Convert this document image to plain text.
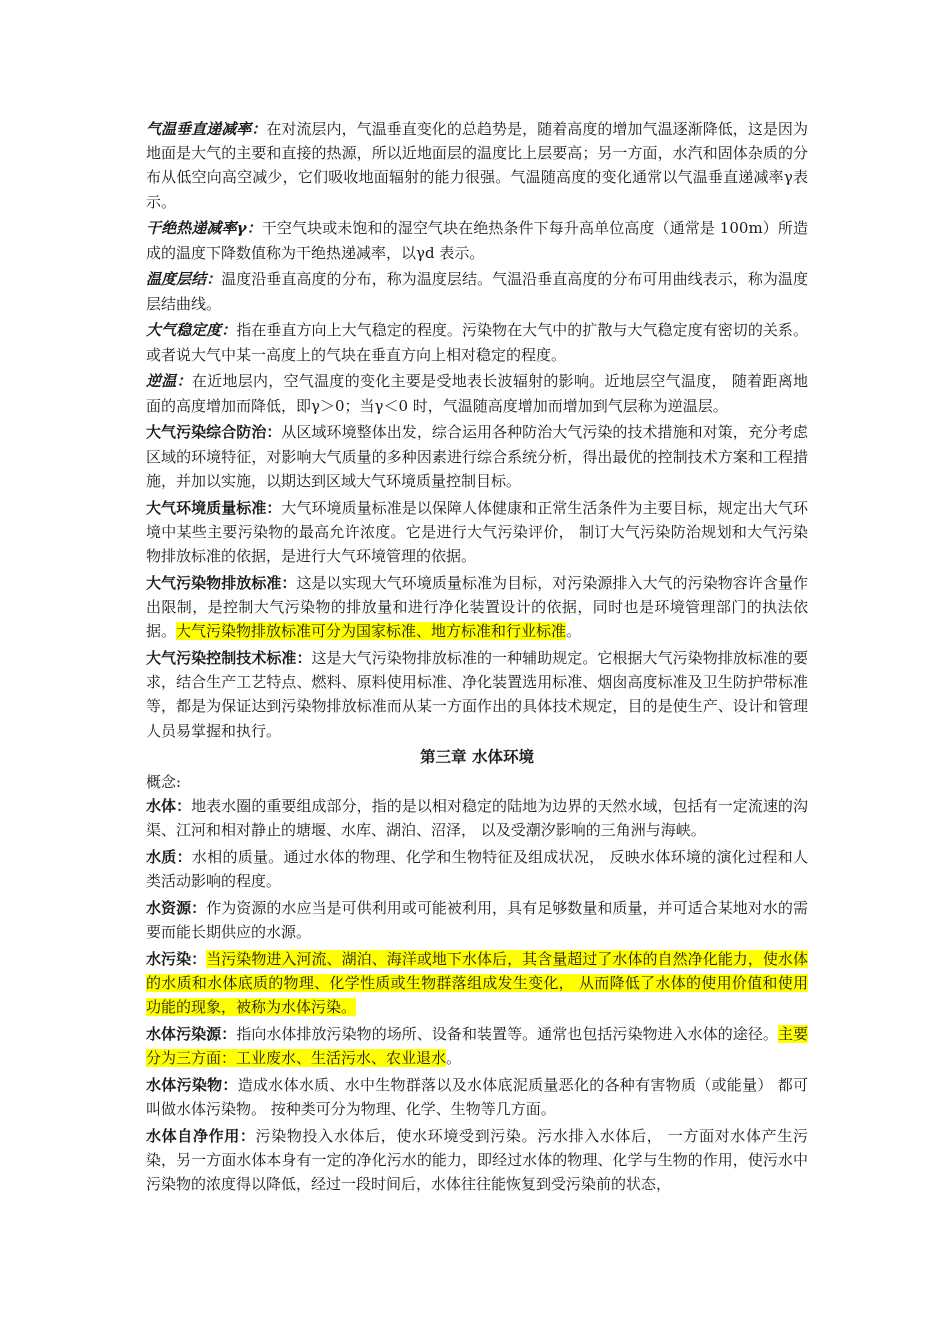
气温垂直递减率：在对流层内，气温垂直变化的总趋势是，随着高度的增加气温逐渐降低，这是因为地面是大气的主要和直接的热源，所以近地面层的温度比上层要高；另一方面，水汽和固体杂质的分布从低空向高空减少，它们吸收地面辐射的能力很强。气温随高度的变化通常以气温垂直递减率γ表示。

干绝热递减率γ：干空气块或未饱和的湿空气块在绝热条件下每升高单位高度（通常是 100m）所造成的温度下降数值称为干绝热递减率，以γd 表示。

温度层结：温度沿垂直高度的分布，称为温度层结。气温沿垂直高度的分布可用曲线表示，称为温度层结曲线。

大气稳定度：指在垂直方向上大气稳定的程度。污染物在大气中的扩散与大气稳定度有密切的关系。或者说大气中某一高度上的气块在垂直方向上相对稳定的程度。

逆温：在近地层内，空气温度的变化主要是受地表长波辐射的影响。近地层空气温度， 随着距离地面的高度增加而降低，即γ＞0；当γ＜0 时，气温随高度增加而增加到气层称为逆温层。

大气污染综合防治：从区域环境整体出发，综合运用各种防治大气污染的技术措施和对策，充分考虑区域的环境特征，对影响大气质量的多种因素进行综合系统分析，得出最优的控制技术方案和工程措施，并加以实施，以期达到区域大气环境质量控制目标。

大气环境质量标准：大气环境质量标准是以保障人体健康和正常生活条件为主要目标，规定出大气环境中某些主要污染物的最高允许浓度。它是进行大气污染评价， 制订大气污染防治规划和大气污染物排放标准的依据，是进行大气环境管理的依据。

大气污染物排放标准：这是以实现大气环境质量标准为目标，对污染源排入大气的污染物容许含量作出限制，是控制大气污染物的排放量和进行净化装置设计的依据，同时也是环境管理部门的执法依据。大气污染物排放标准可分为国家标准、地方标准和行业标准。

大气污染控制技术标准：这是大气污染物排放标准的一种辅助规定。它根据大气污染物排放标准的要求，结合生产工艺特点、燃料、原料使用标准、净化装置选用标准、烟囱高度标准及卫生防护带标准等，都是为保证达到污染物排放标准而从某一方面作出的具体技术规定，目的是使生产、设计和管理人员易掌握和执行。

第三章 水体环境

概念:

水体：地表水圈的重要组成部分，指的是以相对稳定的陆地为边界的天然水域，包括有一定流速的沟渠、江河和相对静止的塘堰、水库、湖泊、沼泽， 以及受潮汐影响的三角洲与海峡。

水质：水相的质量。通过水体的物理、化学和生物特征及组成状况， 反映水体环境的演化过程和人类活动影响的程度。

水资源：作为资源的水应当是可供利用或可能被利用，具有足够数量和质量，并可适合某地对水的需要而能长期供应的水源。

水污染：当污染物进入河流、湖泊、海洋或地下水体后，其含量超过了水体的自然净化能力，使水体的水质和水体底质的物理、化学性质或生物群落组成发生变化， 从而降低了水体的使用价值和使用功能的现象，被称为水体污染。

水体污染源：指向水体排放污染物的场所、设备和装置等。通常也包括污染物进入水体的途径。主要分为三方面：工业废水、生活污水、农业退水。

水体污染物：造成水体水质、水中生物群落以及水体底泥质量恶化的各种有害物质（或能量） 都可叫做水体污染物。 按种类可分为物理、化学、生物等几方面。

水体自净作用：污染物投入水体后，使水环境受到污染。污水排入水体后， 一方面对水体产生污染，另一方面水体本身有一定的净化污水的能力，即经过水体的物理、化学与生物的作用，使污水中污染物的浓度得以降低，经过一段时间后，水体往往能恢复到受污染前的状态，
